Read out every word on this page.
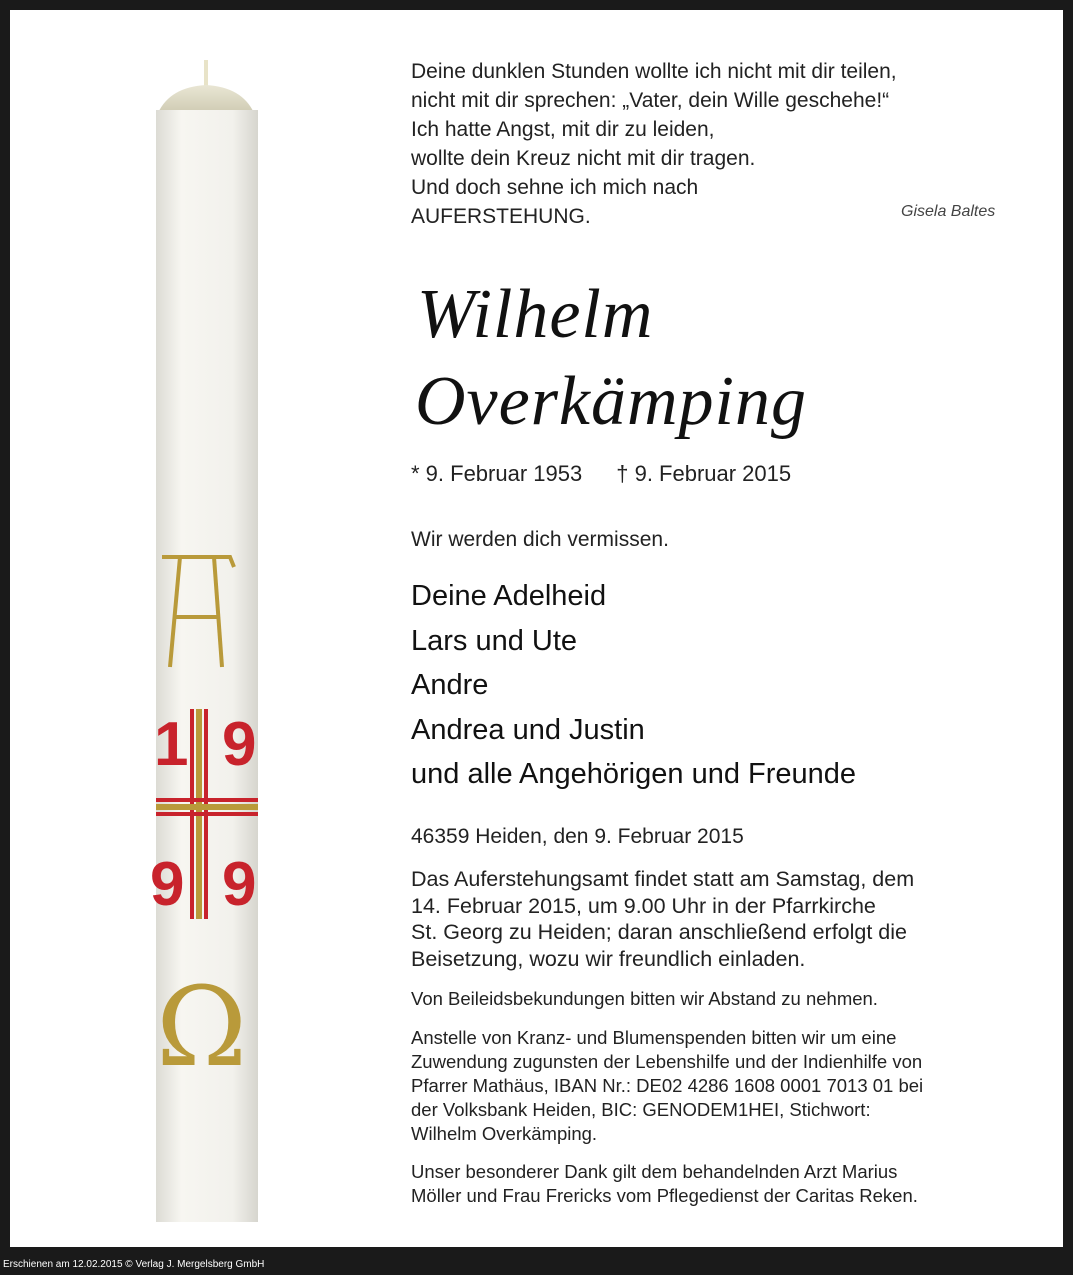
1 9
9 9
Ω
Deine dunklen Stunden wollte ich nicht mit dir teilen,
nicht mit dir sprechen: „Vater, dein Wille geschehe!“
Ich hatte Angst, mit dir zu leiden,
wollte dein Kreuz nicht mit dir tragen.
Und doch sehne ich mich nach
AUFERSTEHUNG.	Gisela Baltes
Wilhelm
Overkämping
* 9. Februar 1953 † 9. Februar 2015
Wir werden dich vermissen.
Deine Adelheid
Lars und Ute
Andre
Andrea und Justin
und alle Angehörigen und Freunde
46359 Heiden, den 9. Februar 2015
Das Auferstehungsamt findet statt am Samstag, dem
14. Februar 2015, um 9.00 Uhr in der Pfarrkirche
St. Georg zu Heiden; daran anschließend erfolgt die
Beisetzung, wozu wir freundlich einladen.
Von Beileidsbekundungen bitten wir Abstand zu nehmen.
Anstelle von Kranz- und Blumenspenden bitten wir um eine
Zuwendung zugunsten der Lebenshilfe und der Indienhilfe von
Pfarrer Mathäus, IBAN Nr.: DE02 4286 1608 0001 7013 01 bei
der Volksbank Heiden, BIC: GENODEM1HEI, Stichwort:
Wilhelm Overkämping.
Unser besonderer Dank gilt dem behandelnden Arzt Marius
Möller und Frau Frericks vom Pflegedienst der Caritas Reken.
Erschienen am 12.02.2015 © Verlag J. Mergelsberg GmbH
